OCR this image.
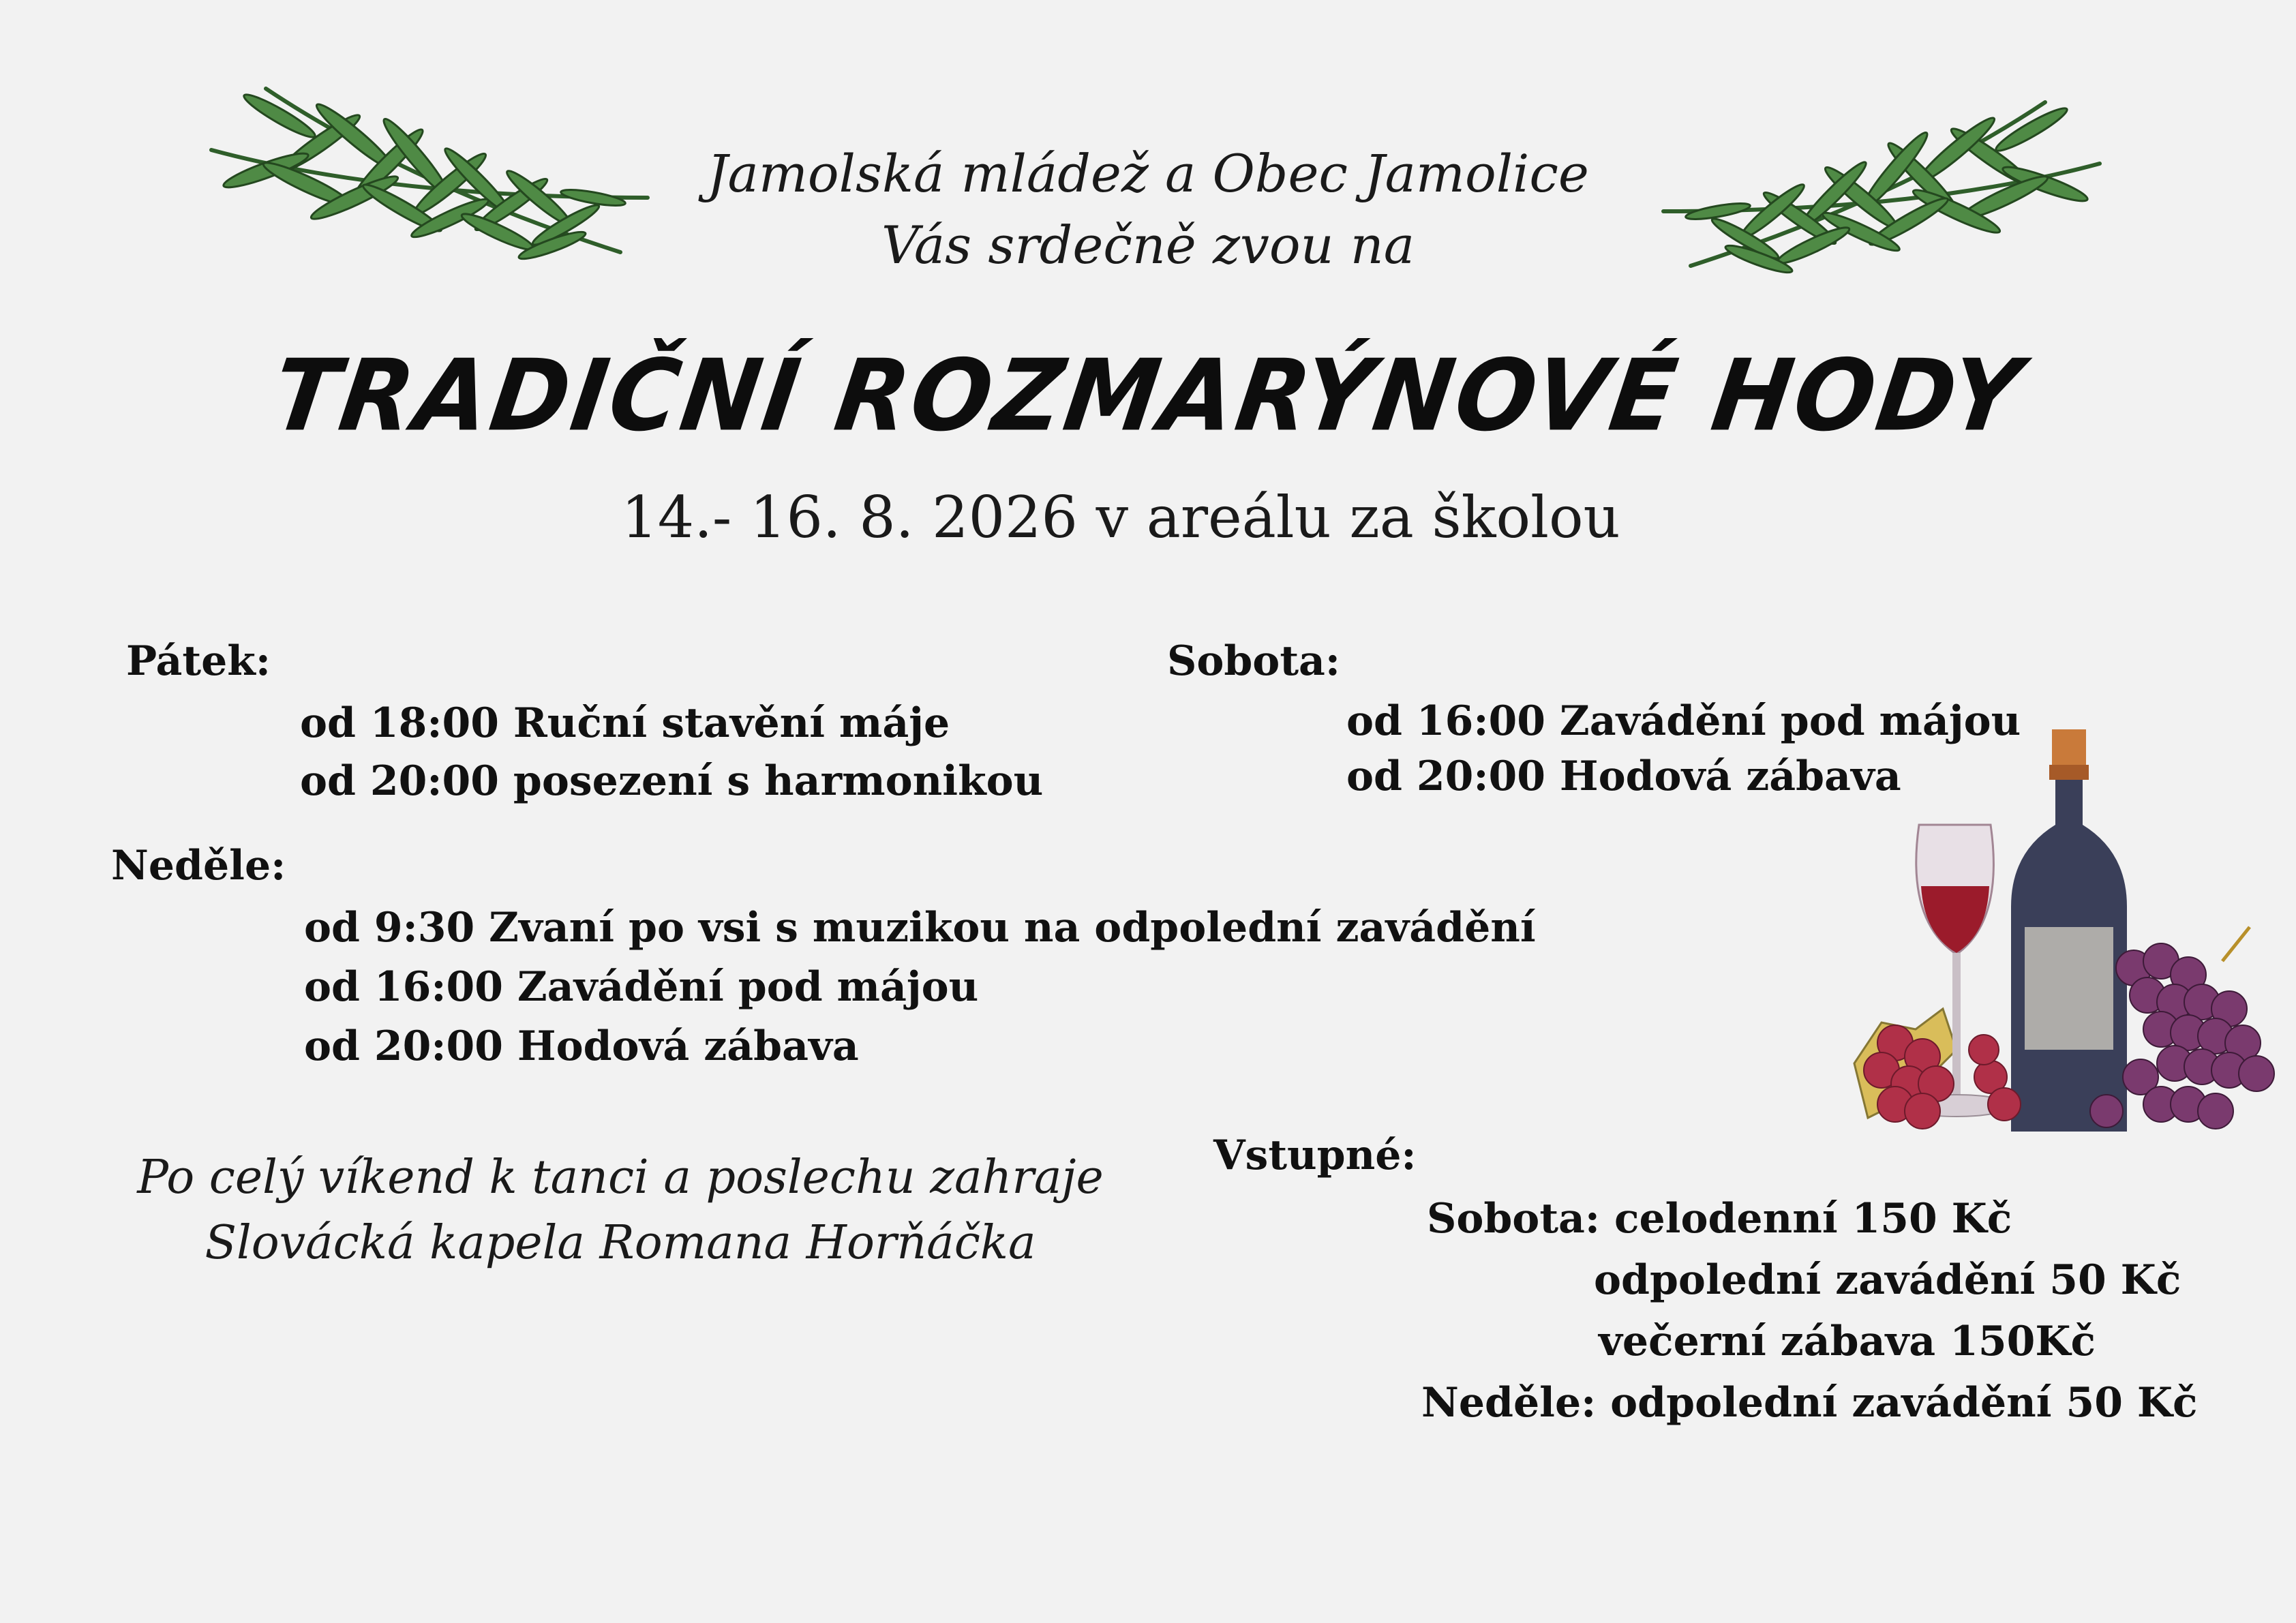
Jamolská mládež a Obec Jamolice
Vás srdečně zvou na
TRADIČNÍ ROZMARÝNOVÉ HODY
14.- 16. 8. 2026 v areálu za školou
Pátek:
od 18:00 Ruční stavění máje
od 20:00 posezení s harmonikou
Sobota:
od 16:00 Zavádění pod májou
od 20:00 Hodová zábava
Neděle:
od 9:30 Zvaní po vsi s muzikou na odpolední zavádění
od 16:00 Zavádění pod májou
od 20:00 Hodová zábava
Po celý víkend k tanci a poslechu zahraje
Slovácká kapela Romana Horňáčka
Vstupné:
Sobota: celodenní 150 Kč
odpolední zavádění 50 Kč
večerní zábava 150Kč
Neděle: odpolední zavádění 50 Kč
